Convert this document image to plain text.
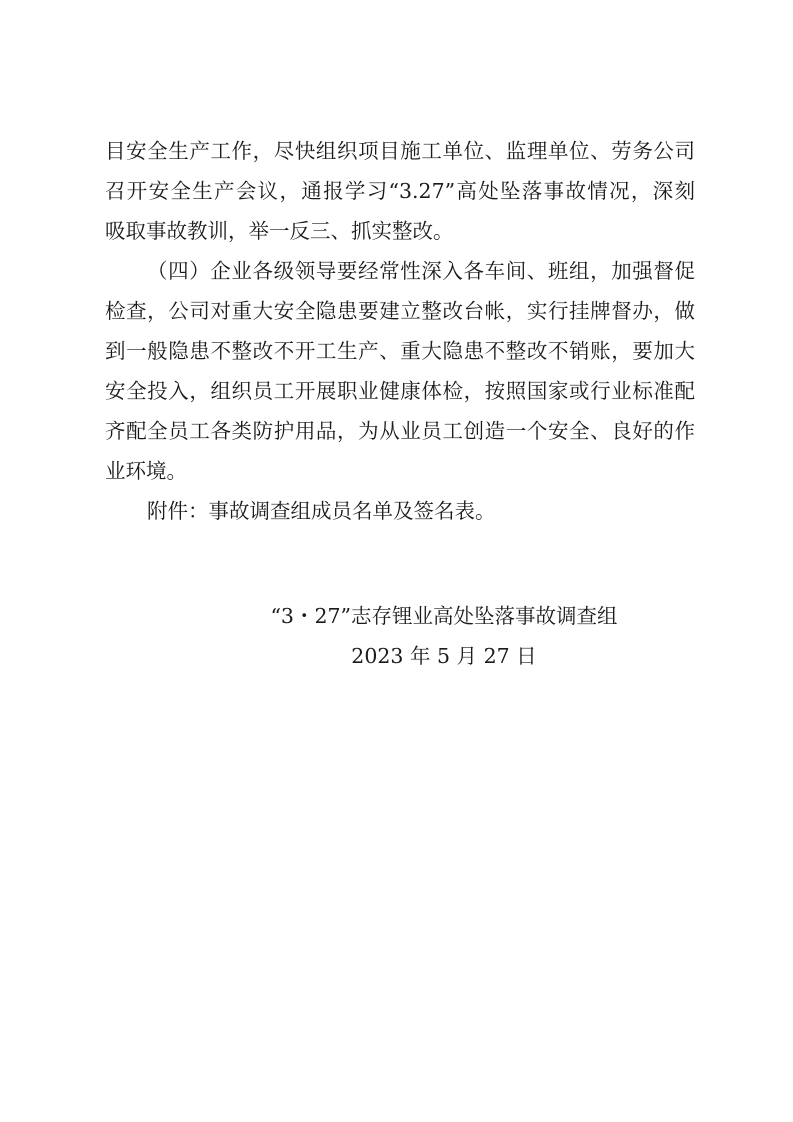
目安全生产工作，尽快组织项目施工单位、监理单位、劳务公司
召开安全生产会议，通报学习“3.27”高处坠落事故情况，深刻
吸取事故教训，举一反三、抓实整改。
（四）企业各级领导要经常性深入各车间、班组，加强督促
检查，公司对重大安全隐患要建立整改台帐，实行挂牌督办，做
到一般隐患不整改不开工生产、重大隐患不整改不销账，要加大
安全投入，组织员工开展职业健康体检，按照国家或行业标准配
齐配全员工各类防护用品，为从业员工创造一个安全、良好的作
业环境。
附件：事故调查组成员名单及签名表。
“3・27”志存锂业高处坠落事故调查组
2023 年 5 月 27 日
